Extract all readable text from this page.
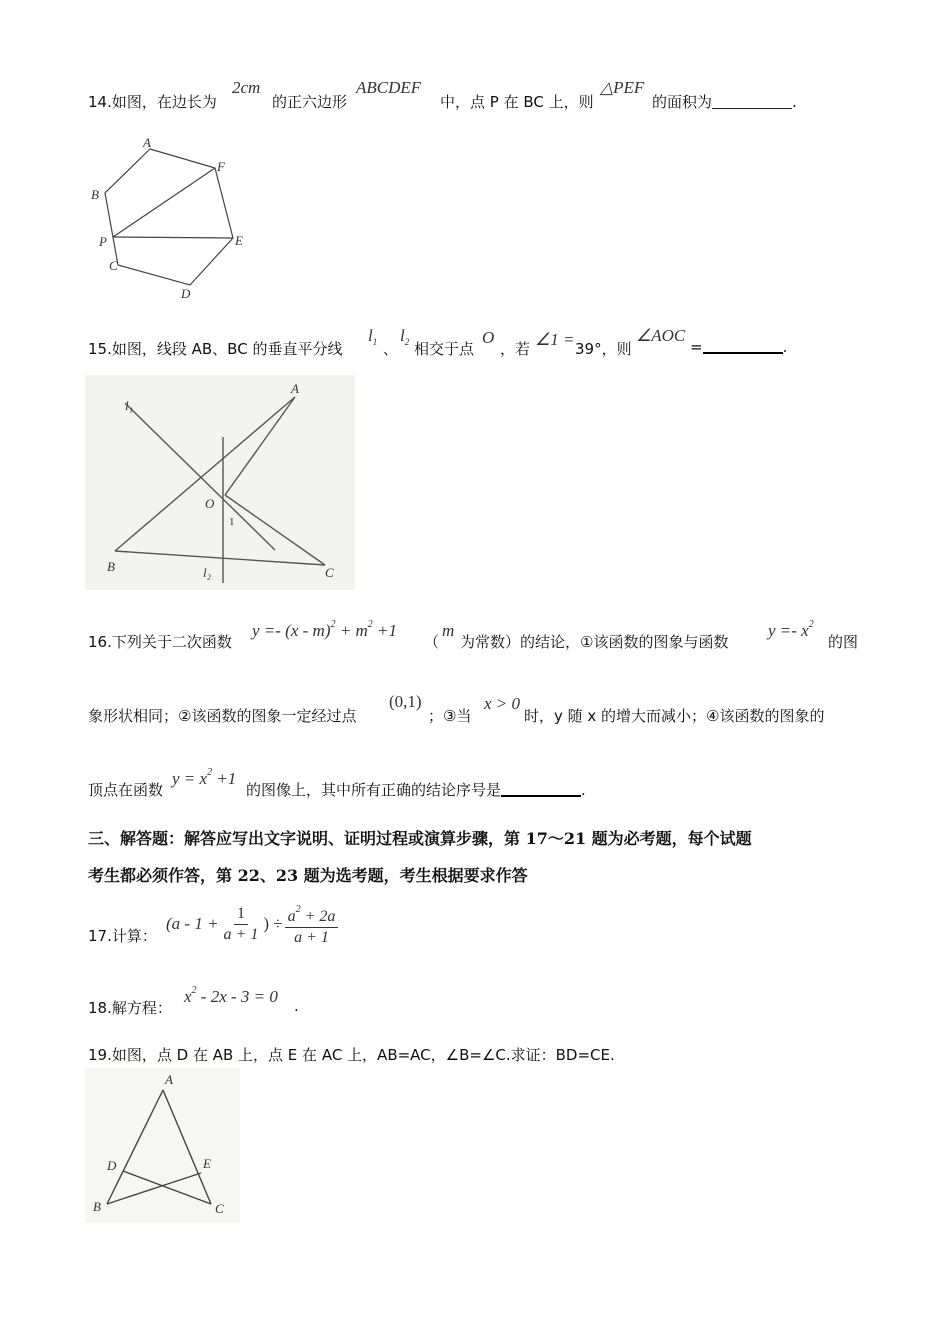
14.如图，在边长为
2cm
的正六边形
ABCDEF
中，点 P 在 BC 上，则
△PEF
的面积为	.
A
F
B
P	E
C
D
15.如图，线段 AB、BC 的垂直平分线
$l_1$ 、
$l_2$ 相交于点
O
，若 ∠1 = 39°，则
∠AOC
=	.
l₁
A
O
1
B	l₂	C
16.下列关于二次函数
$y =- (x - m)^2 + m^2 +1$
（
m
为常数）的结论，①该函数的图象与函数
$y =- x^2$
的图
象形状相同；②该函数的图象一定经过点
(0,1)
；③当
x > 0
时，y 随 x 的增大而减小；④该函数的图象的
顶点在函数
$y = x^2 +1$
的图像上，其中所有正确的结论序号是	.
三、解答题：解答应写出文字说明、证明过程或演算步骤，第 17～21 题为必考题，每个试题
考生都必须作答，第 22、23 题为选考题，考生根据要求作答
17.计算：
($a - 1 + \frac{1}{a + 1}$ ) ÷ $\frac{a^2 + 2a}{a + 1}$
18.解方程：
$x^2 - 2x - 3 = 0$ .
19.如图，点 D 在 AB 上，点 E 在 AC 上，AB=AC，∠B=∠C.求证：BD=CE.
A
D	E
B	C
